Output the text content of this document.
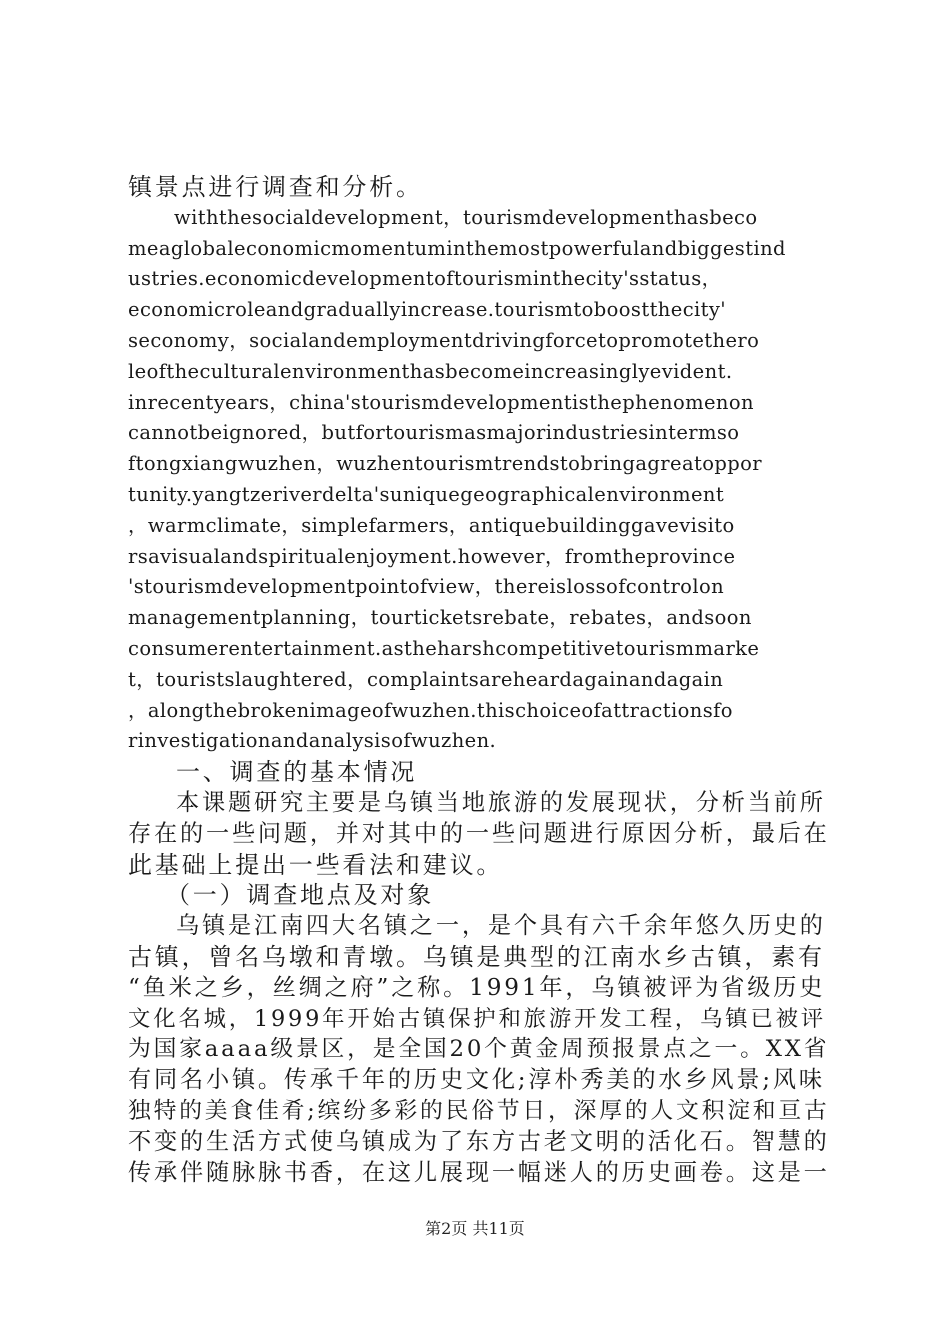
镇景点进行调查和分析。
withthesocialdevelopment，tourismdevelopmenthasbeco
meaglobaleconomicmomentuminthemostpowerfulandbiggestind
ustries.economicdevelopmentoftourisminthecity'sstatus，
economicroleandgraduallyincrease.tourismtoboostthecity'
seconomy，socialandemploymentdrivingforcetopromotethero
leoftheculturalenvironmenthasbecomeincreasinglyevident.
inrecentyears，china'stourismdevelopmentisthephenomenon
cannotbeignored，butfortourismasmajorindustriesintermso
ftongxiangwuzhen，wuzhentourismtrendstobringagreatoppor
tunity.yangtzeriverdelta'suniquegeographicalenvironment
，warmclimate，simplefarmers，antiquebuildinggavevisito
rsavisualandspiritualenjoyment.however，fromtheprovince
'stourismdevelopmentpointofview，thereislossofcontrolon
managementplanning，tourticketsrebate，rebates，andsoon
consumerentertainment.astheharshcompetitivetourismmarke
t，touristslaughtered，complaintsareheardagainandagain
，alongthebrokenimageofwuzhen.thischoiceofattractionsfo
rinvestigationandanalysisofwuzhen.
一、调查的基本情况
本课题研究主要是乌镇当地旅游的发展现状，分析当前所
存在的一些问题，并对其中的一些问题进行原因分析，最后在
此基础上提出一些看法和建议。
（一）调查地点及对象
乌镇是江南四大名镇之一，是个具有六千余年悠久历史的
古镇，曾名乌墩和青墩。乌镇是典型的江南水乡古镇，素有
“鱼米之乡，丝绸之府”之称。1991年，乌镇被评为省级历史
文化名城，1999年开始古镇保护和旅游开发工程，乌镇已被评
为国家aaaa级景区，是全国20个黄金周预报景点之一。XX省
有同名小镇。传承千年的历史文化;淳朴秀美的水乡风景;风味
独特的美食佳肴;缤纷多彩的民俗节日，深厚的人文积淀和亘古
不变的生活方式使乌镇成为了东方古老文明的活化石。智慧的
传承伴随脉脉书香，在这儿展现一幅迷人的历史画卷。这是一
第2页 共11页
